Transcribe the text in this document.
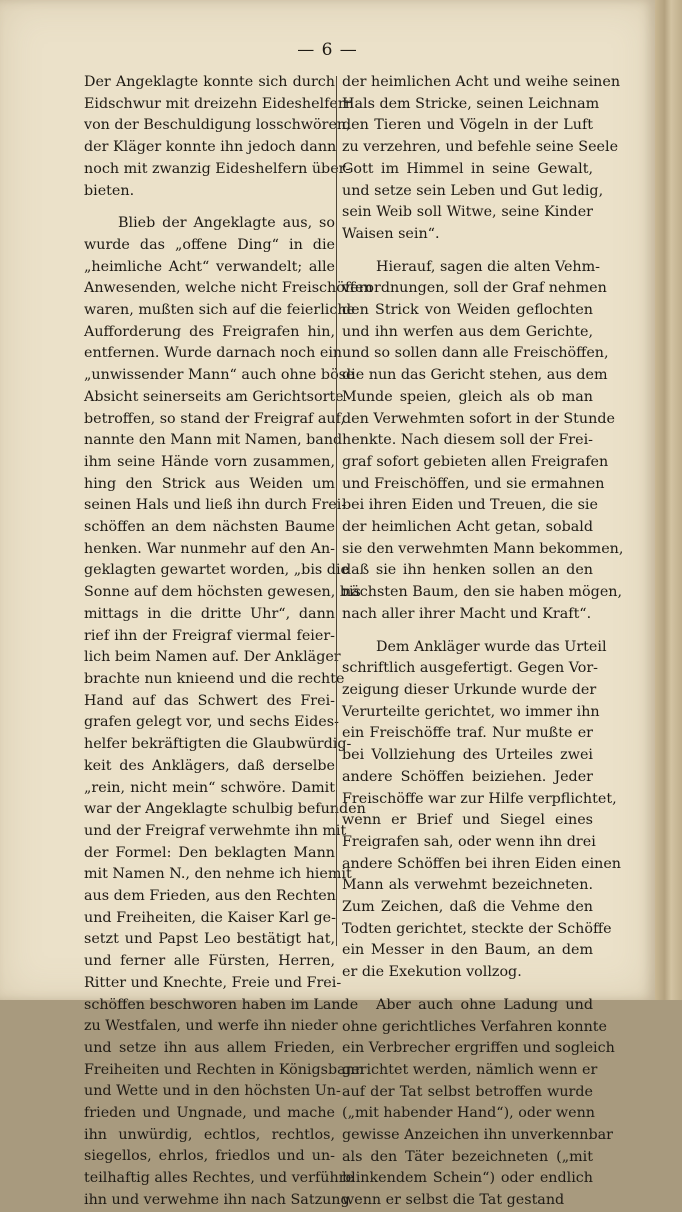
— 6 —

Der Angeklagte konnte sich durch
Eidschwur mit dreizehn Eideshelfern
von der Beschuldigung losschwören;
der Kläger konnte ihn jedoch dann
noch mit zwanzig Eideshelfern über-
bieten.

Blieb der Angeklagte aus, so
wurde das „offene Ding“ in die
„heimliche Acht“ verwandelt; alle
Anwesenden, welche nicht Freischöffen
waren, mußten sich auf die feierliche
Aufforderung des Freigrafen hin,
entfernen. Wurde darnach noch ein
„unwissender Mann“ auch ohne böse
Absicht seinerseits am Gerichtsorte
betroffen, so stand der Freigraf auf,
nannte den Mann mit Namen, band
ihm seine Hände vorn zusammen,
hing den Strick aus Weiden um
seinen Hals und ließ ihn durch Frei-
schöffen an dem nächsten Baume
henken. War nunmehr auf den An-
geklagten gewartet worden, „bis die
Sonne auf dem höchsten gewesen, bis
mittags in die dritte Uhr“, dann
rief ihn der Freigraf viermal feier-
lich beim Namen auf. Der Ankläger
brachte nun knieend und die rechte
Hand auf das Schwert des Frei-
grafen gelegt vor, und sechs Eides-
helfer bekräftigten die Glaubwürdig-
keit des Anklägers, daß derselbe
„rein, nicht mein“ schwöre. Damit
war der Angeklagte schulbig befunden
und der Freigraf verwehmte ihn mit
der Formel: Den beklagten Mann
mit Namen N., den nehme ich hiemit
aus dem Frieden, aus den Rechten
und Freiheiten, die Kaiser Karl ge-
setzt und Papst Leo bestätigt hat,
und ferner alle Fürsten, Herren,
Ritter und Knechte, Freie und Frei-
schöffen beschworen haben im Lande
zu Westfalen, und werfe ihn nieder
und setze ihn aus allem Frieden,
Freiheiten und Rechten in Königsbann
und Wette und in den höchsten Un-
frieden und Ungnade, und mache
ihn unwürdig, echtlos, rechtlos,
siegellos, ehrlos, friedlos und un-
teilhaftig alles Rechtes, und verführe
ihn und verwehme ihn nach Satzung

der heimlichen Acht und weihe seinen
Hals dem Stricke, seinen Leichnam
den Tieren und Vögeln in der Luft
zu verzehren, und befehle seine Seele
Gott im Himmel in seine Gewalt,
und setze sein Leben und Gut ledig,
sein Weib soll Witwe, seine Kinder
Waisen sein“.

Hierauf, sagen die alten Vehm-
verordnungen, soll der Graf nehmen
den Strick von Weiden geflochten
und ihn werfen aus dem Gerichte,
und so sollen dann alle Freischöffen,
die nun das Gericht stehen, aus dem
Munde speien, gleich als ob man
den Verwehmten sofort in der Stunde
henkte. Nach diesem soll der Frei-
graf sofort gebieten allen Freigrafen
und Freischöffen, und sie ermahnen
bei ihren Eiden und Treuen, die sie
der heimlichen Acht getan, sobald
sie den verwehmten Mann bekommen,
daß sie ihn henken sollen an den
nächsten Baum, den sie haben mögen,
nach aller ihrer Macht und Kraft“.

Dem Ankläger wurde das Urteil
schriftlich ausgefertigt. Gegen Vor-
zeigung dieser Urkunde wurde der
Verurteilte gerichtet, wo immer ihn
ein Freischöffe traf. Nur mußte er
bei Vollziehung des Urteiles zwei
andere Schöffen beiziehen. Jeder
Freischöffe war zur Hilfe verpflichtet,
wenn er Brief und Siegel eines
Freigrafen sah, oder wenn ihn drei
andere Schöffen bei ihren Eiden einen
Mann als verwehmt bezeichneten.
Zum Zeichen, daß die Vehme den
Todten gerichtet, steckte der Schöffe
ein Messer in den Baum, an dem
er die Exekution vollzog.

Aber auch ohne Ladung und
ohne gerichtliches Verfahren konnte
ein Verbrecher ergriffen und sogleich
gerichtet werden, nämlich wenn er
auf der Tat selbst betroffen wurde
(„mit habender Hand“), oder wenn
gewisse Anzeichen ihn unverkennbar
als den Täter bezeichneten („mit
blinkendem Schein“) oder endlich
wenn er selbst die Tat gestand
